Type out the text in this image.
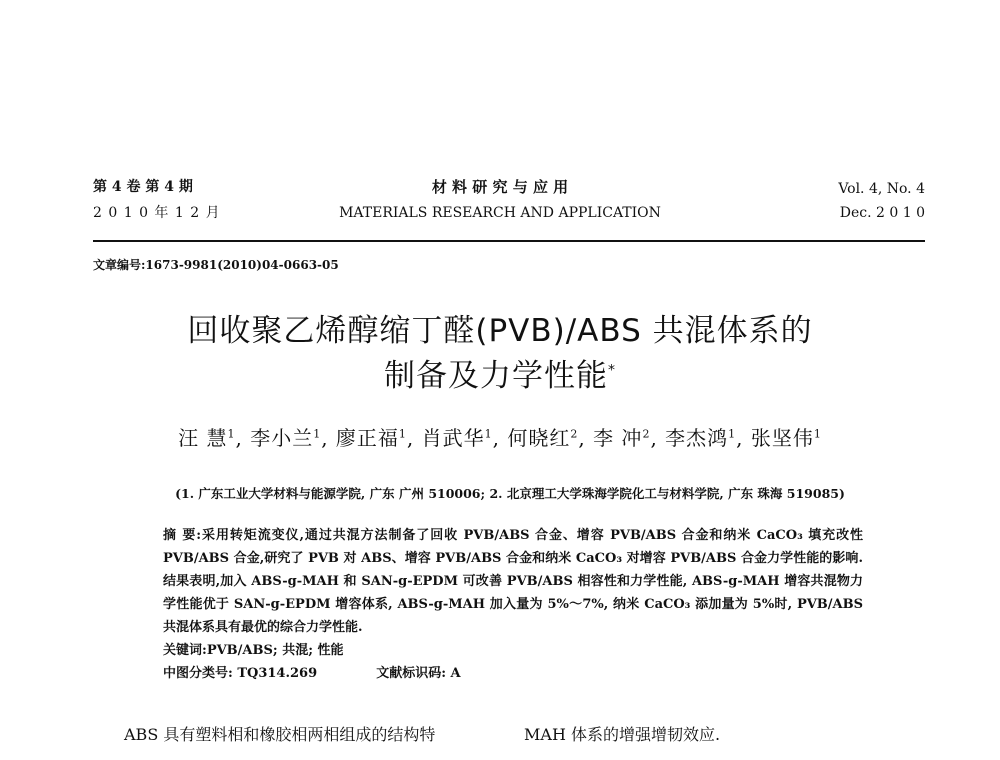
第 4 卷 第 4 期
2 0 1 0 年 1 2 月
材 料 研 究 与 应 用
MATERIALS RESEARCH AND APPLICATION
Vol. 4, No. 4
Dec. 2 0 1 0
文章编号:1673-9981(2010)04-0663-05
回收聚乙烯醇缩丁醛(PVB)/ABS 共混体系的
制备及力学性能*
汪 慧$^1$, 李小兰$^1$, 廖正福$^1$, 肖武华$^1$, 何晓红$^2$, 李 冲$^2$, 李杰鸿$^1$, 张坚伟$^1$
(1. 广东工业大学材料与能源学院, 广东 广州 510006; 2. 北京理工大学珠海学院化工与材料学院, 广东 珠海 519085)

摘 要:采用转矩流变仪,通过共混方法制备了回收 PVB/ABS 合金、增容 PVB/ABS 合金和纳米 CaCO₃ 填充改性 PVB/ABS 合金,研究了 PVB 对 ABS、增容 PVB/ABS 合金和纳米 CaCO₃ 对增容 PVB/ABS 合金力学性能的影响. 结果表明,加入 ABS-g-MAH 和 SAN-g-EPDM 可改善 PVB/ABS 相容性和力学性能, ABS-g-MAH 增容共混物力学性能优于 SAN-g-EPDM 增容体系, ABS-g-MAH 加入量为 5%～7%, 纳米 CaCO₃ 添加量为 5%时, PVB/ABS 共混体系具有最优的综合力学性能.

关键词:PVB/ABS; 共混; 性能

中图分类号: TQ314.269	文献标识码: A

ABS 具有塑料相和橡胶相两相组成的结构特	MAH 体系的增强增韧效应.
